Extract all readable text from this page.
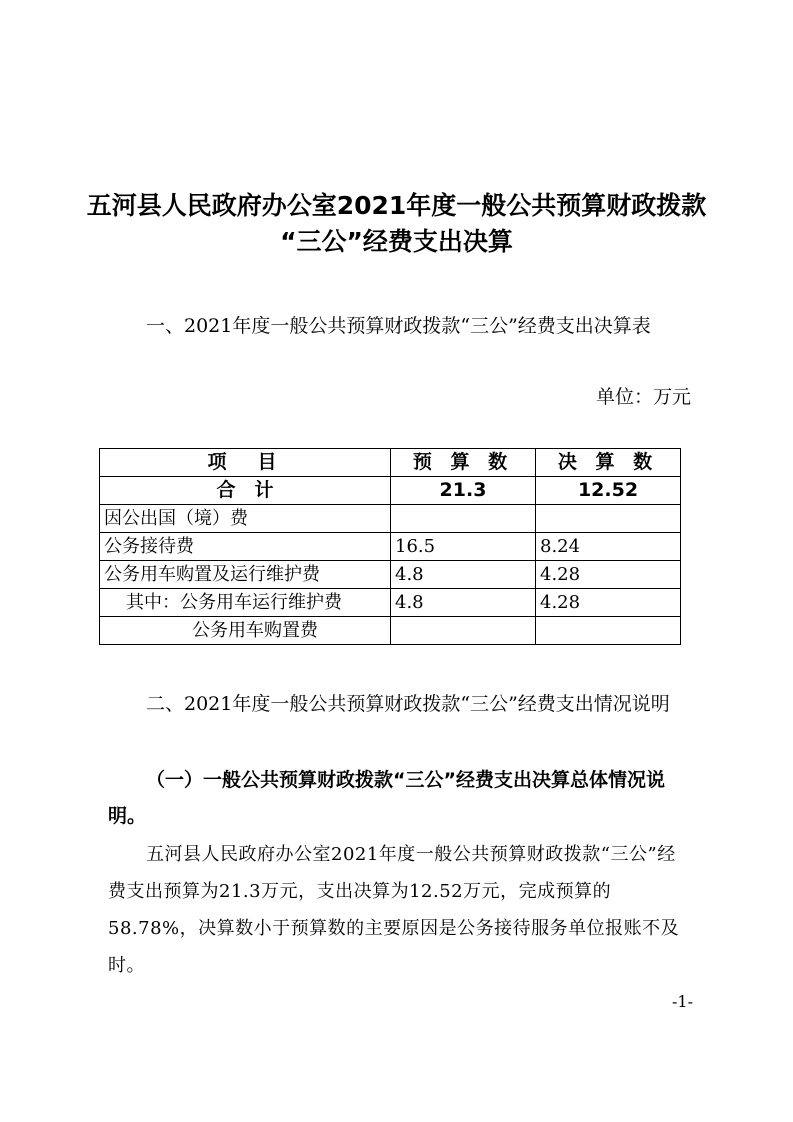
五河县人民政府办公室2021年度一般公共预算财政拨款
“三公”经费支出决算
一、2021年度一般公共预算财政拨款“三公”经费支出决算表
单位：万元
项　目	预 算 数	决 算 数
合　计	21.3	12.52
因公出国（境）费		
公务接待费	16.5	8.24
公务用车购置及运行维护费	4.8	4.28
其中：公务用车运行维护费	4.8	4.28
公务用车购置费		
二、2021年度一般公共预算财政拨款“三公”经费支出情况说明
（一）一般公共预算财政拨款“三公”经费支出决算总体情况说明。
五河县人民政府办公室2021年度一般公共预算财政拨款“三公”经费支出预算为21.3万元，支出决算为12.52万元，完成预算的58.78%，决算数小于预算数的主要原因是公务接待服务单位报账不及时。
-1-
